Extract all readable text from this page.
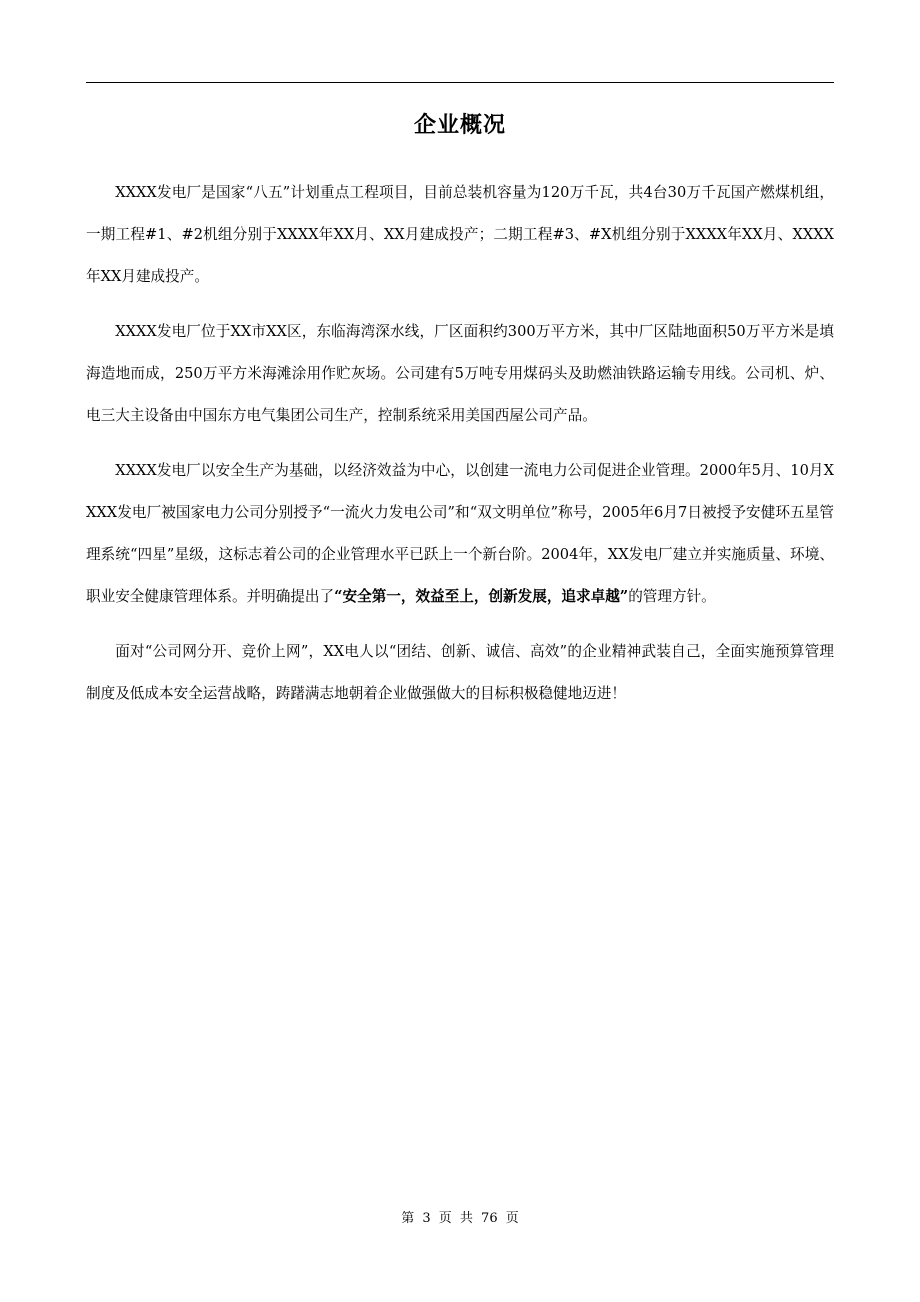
企业概况

XXXX发电厂是国家“八五”计划重点工程项目，目前总装机容量为120万千瓦，共4台30万千瓦国产燃煤机组，一期工程#1、#2机组分别于XXXX年XX月、XX月建成投产；二期工程#3、#X机组分别于XXXX年XX月、XXXX年XX月建成投产。

XXXX发电厂位于XX市XX区，东临海湾深水线，厂区面积约300万平方米，其中厂区陆地面积50万平方米是填海造地而成，250万平方米海滩涂用作贮灰场。公司建有5万吨专用煤码头及助燃油铁路运输专用线。公司机、炉、电三大主设备由中国东方电气集团公司生产，控制系统采用美国西屋公司产品。

XXXX发电厂以安全生产为基础，以经济效益为中心，以创建一流电力公司促进企业管理。2000年5月、10月XXXX发电厂被国家电力公司分别授予“一流火力发电公司”和“双文明单位”称号，2005年6月7日被授予安健环五星管理系统“四星”星级，这标志着公司的企业管理水平已跃上一个新台阶。2004年，XX发电厂建立并实施质量、环境、职业安全健康管理体系。并明确提出了“安全第一，效益至上，创新发展，追求卓越”的管理方针。

面对“公司网分开、竞价上网”，XX电人以“团结、创新、诚信、高效”的企业精神武装自己，全面实施预算管理制度及低成本安全运营战略，踌躇满志地朝着企业做强做大的目标积极稳健地迈进！

第 3 页 共 76 页
